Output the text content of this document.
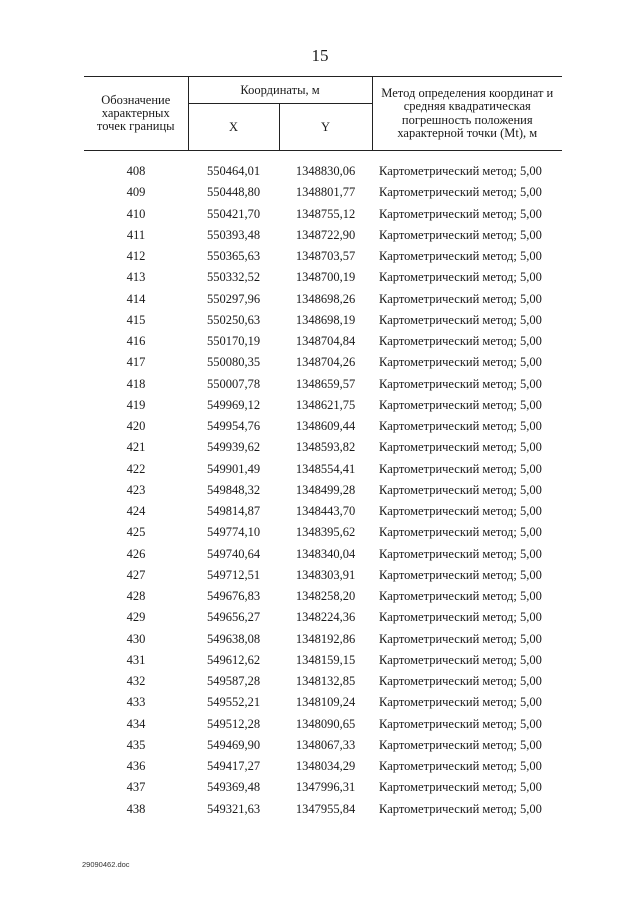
15
Обозначение характерных точек границы	Координаты, м		Метод определения координат и средняя квадратическая погрешность положения характерной точки (Mt), м
	X	Y	
408	550464,01	1348830,06	Картометрический метод; 5,00
409	550448,80	1348801,77	Картометрический метод; 5,00
410	550421,70	1348755,12	Картометрический метод; 5,00
411	550393,48	1348722,90	Картометрический метод; 5,00
412	550365,63	1348703,57	Картометрический метод; 5,00
413	550332,52	1348700,19	Картометрический метод; 5,00
414	550297,96	1348698,26	Картометрический метод; 5,00
415	550250,63	1348698,19	Картометрический метод; 5,00
416	550170,19	1348704,84	Картометрический метод; 5,00
417	550080,35	1348704,26	Картометрический метод; 5,00
418	550007,78	1348659,57	Картометрический метод; 5,00
419	549969,12	1348621,75	Картометрический метод; 5,00
420	549954,76	1348609,44	Картометрический метод; 5,00
421	549939,62	1348593,82	Картометрический метод; 5,00
422	549901,49	1348554,41	Картометрический метод; 5,00
423	549848,32	1348499,28	Картометрический метод; 5,00
424	549814,87	1348443,70	Картометрический метод; 5,00
425	549774,10	1348395,62	Картометрический метод; 5,00
426	549740,64	1348340,04	Картометрический метод; 5,00
427	549712,51	1348303,91	Картометрический метод; 5,00
428	549676,83	1348258,20	Картометрический метод; 5,00
429	549656,27	1348224,36	Картометрический метод; 5,00
430	549638,08	1348192,86	Картометрический метод; 5,00
431	549612,62	1348159,15	Картометрический метод; 5,00
432	549587,28	1348132,85	Картометрический метод; 5,00
433	549552,21	1348109,24	Картометрический метод; 5,00
434	549512,28	1348090,65	Картометрический метод; 5,00
435	549469,90	1348067,33	Картометрический метод; 5,00
436	549417,27	1348034,29	Картометрический метод; 5,00
437	549369,48	1347996,31	Картометрический метод; 5,00
438	549321,63	1347955,84	Картометрический метод; 5,00
29090462.doc
